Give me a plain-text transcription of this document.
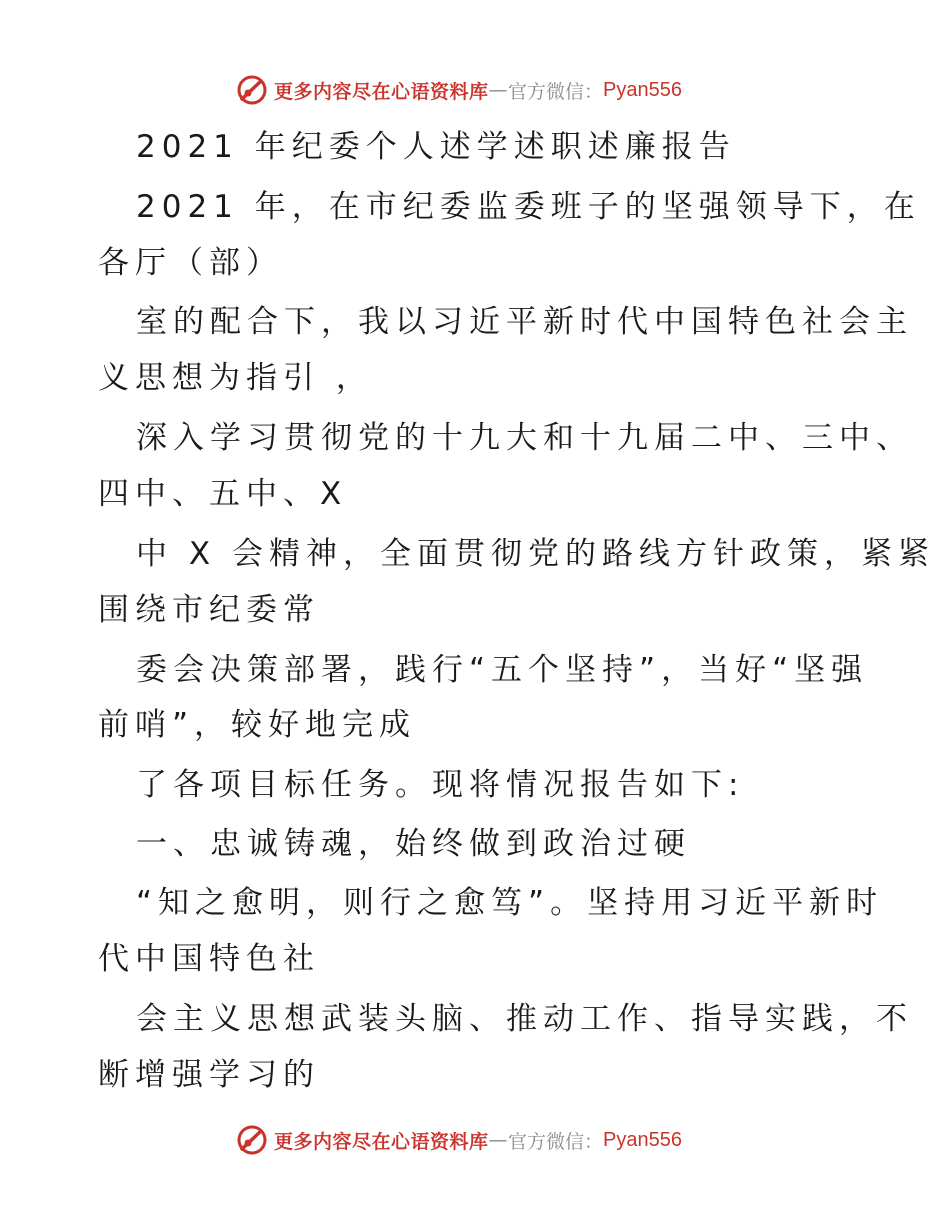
更多内容尽在心语资料库 — 官方微信： Pyan556
2021 年纪委个人述学述职述廉报告
2021 年，在市纪委监委班子的坚强领导下，在
各厅（部）
室的配合下，我以习近平新时代中国特色社会主
义思想为指引 ，
深入学习贯彻党的十九大和十九届二中、三中、
四中、五中、X
中 X 会精神，全面贯彻党的路线方针政策，紧紧
围绕市纪委常
委会决策部署，践行“五个坚持”，当好“坚强
前哨”，较好地完成
了各项目标任务。现将情况报告如下:
一、忠诚铸魂，始终做到政治过硬
“知之愈明，则行之愈笃”。坚持用习近平新时
代中国特色社
会主义思想武装头脑、推动工作、指导实践，不
断增强学习的
更多内容尽在心语资料库 — 官方微信： Pyan556
